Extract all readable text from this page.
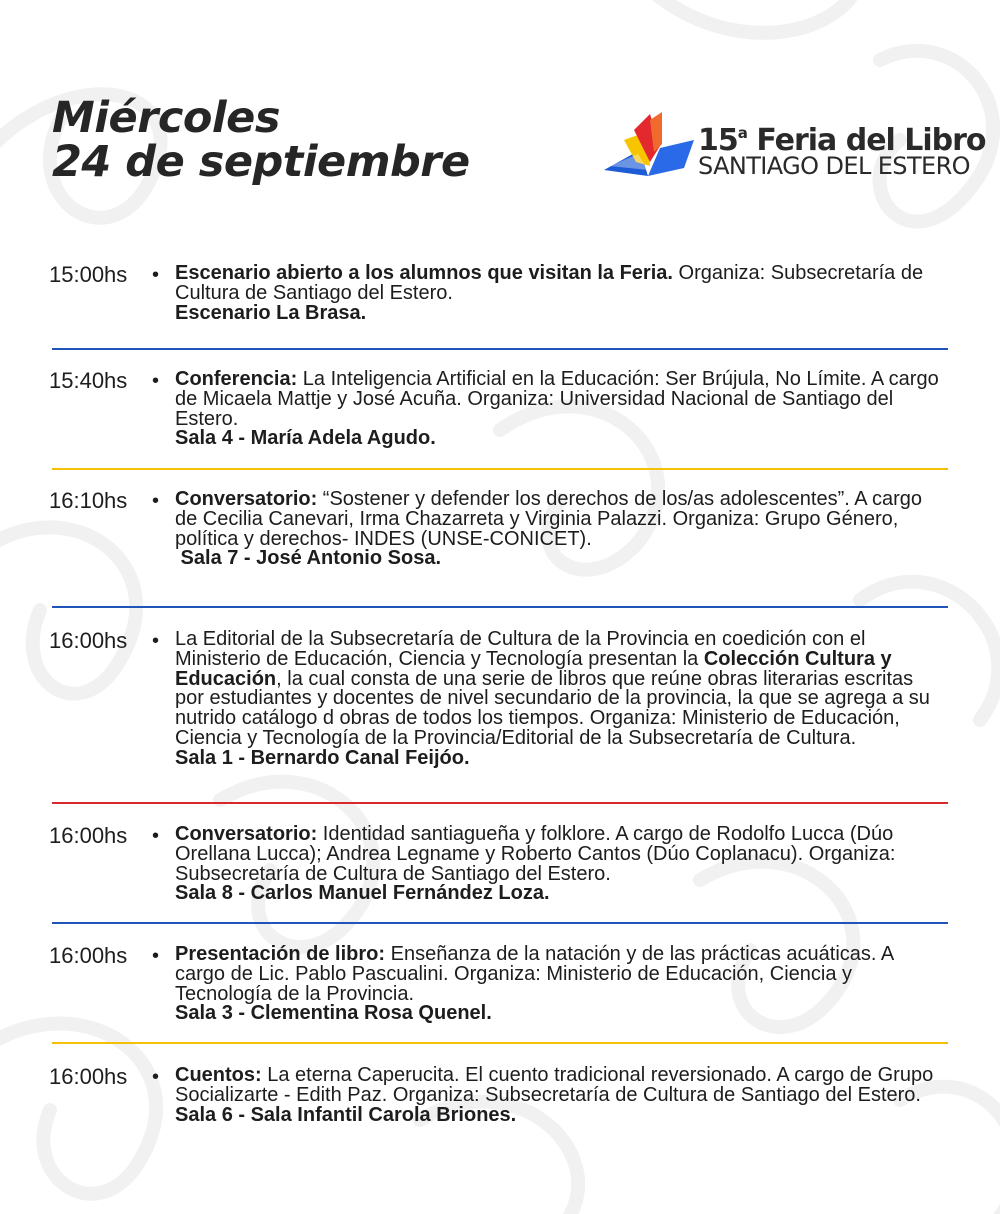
Miércoles
24 de septiembre	15$^a$ Feria del Libro
SANTIAGO DEL ESTERO
15:00hs • Escenario abierto a los alumnos que visitan la Feria. Organiza: Subsecretaría de Cultura de Santiago del Estero.
Escenario La Brasa.
15:40hs • Conferencia: La Inteligencia Artificial en la Educación: Ser Brújula, No Límite. A cargo de Micaela Mattje y José Acuña. Organiza: Universidad Nacional de Santiago del Estero.
Sala 4 - María Adela Agudo.
16:10hs • Conversatorio: “Sostener y defender los derechos de los/as adolescentes”. A cargo de Cecilia Canevari, Irma Chazarreta y Virginia Palazzi. Organiza: Grupo Género, política y derechos- INDES (UNSE-CONICET).
Sala 7 - José Antonio Sosa.
16:00hs • La Editorial de la Subsecretaría de Cultura de la Provincia en coedición con el Ministerio de Educación, Ciencia y Tecnología presentan la Colección Cultura y Educación, la cual consta de una serie de libros que reúne obras literarias escritas por estudiantes y docentes de nivel secundario de la provincia, la que se agrega a su nutrido catálogo d obras de todos los tiempos. Organiza: Ministerio de Educación, Ciencia y Tecnología de la Provincia/Editorial de la Subsecretaría de Cultura.
Sala 1 - Bernardo Canal Feijóo.
16:00hs • Conversatorio: Identidad santiagueña y folklore. A cargo de Rodolfo Lucca (Dúo Orellana Lucca); Andrea Legname y Roberto Cantos (Dúo Coplanacu). Organiza: Subsecretaría de Cultura de Santiago del Estero.
Sala 8 - Carlos Manuel Fernández Loza.
16:00hs • Presentación de libro: Enseñanza de la natación y de las prácticas acuáticas. A cargo de Lic. Pablo Pascualini. Organiza: Ministerio de Educación, Ciencia y Tecnología de la Provincia.
Sala 3 - Clementina Rosa Quenel.
16:00hs • Cuentos: La eterna Caperucita. El cuento tradicional reversionado. A cargo de Grupo Socializarte - Edith Paz. Organiza: Subsecretaría de Cultura de Santiago del Estero.
Sala 6 - Sala Infantil Carola Briones.
